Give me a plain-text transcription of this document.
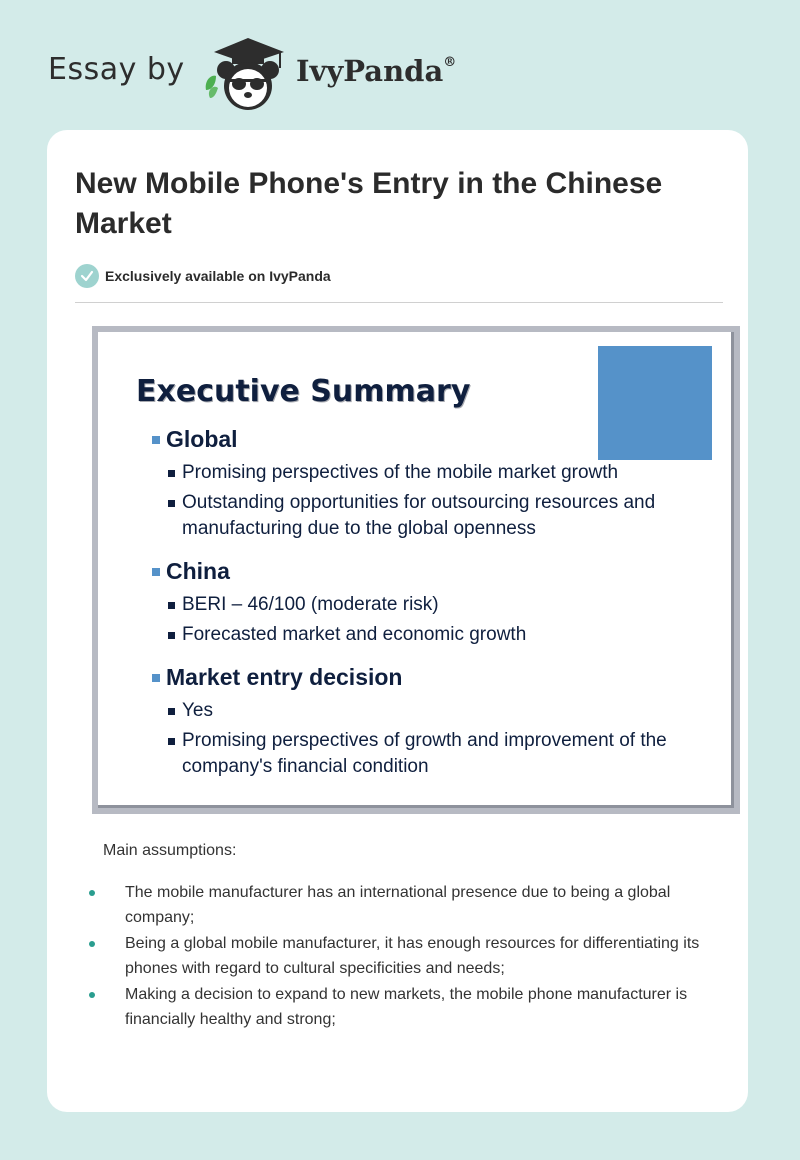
Essay by	IvyPanda®
New Mobile Phone's Entry in the Chinese Market
Exclusively available on IvyPanda
Executive Summary
Global
Promising perspectives of the mobile market growth
Outstanding opportunities for outsourcing resources and manufacturing due to the global openness
China
BERI – 46/100 (moderate risk)
Forecasted market and economic growth
Market entry decision
Yes
Promising perspectives of growth and improvement of the company's financial condition
Main assumptions:
The mobile manufacturer has an international presence due to being a global company;
Being a global mobile manufacturer, it has enough resources for differentiating its phones with regard to cultural specificities and needs;
Making a decision to expand to new markets, the mobile phone manufacturer is financially healthy and strong;
